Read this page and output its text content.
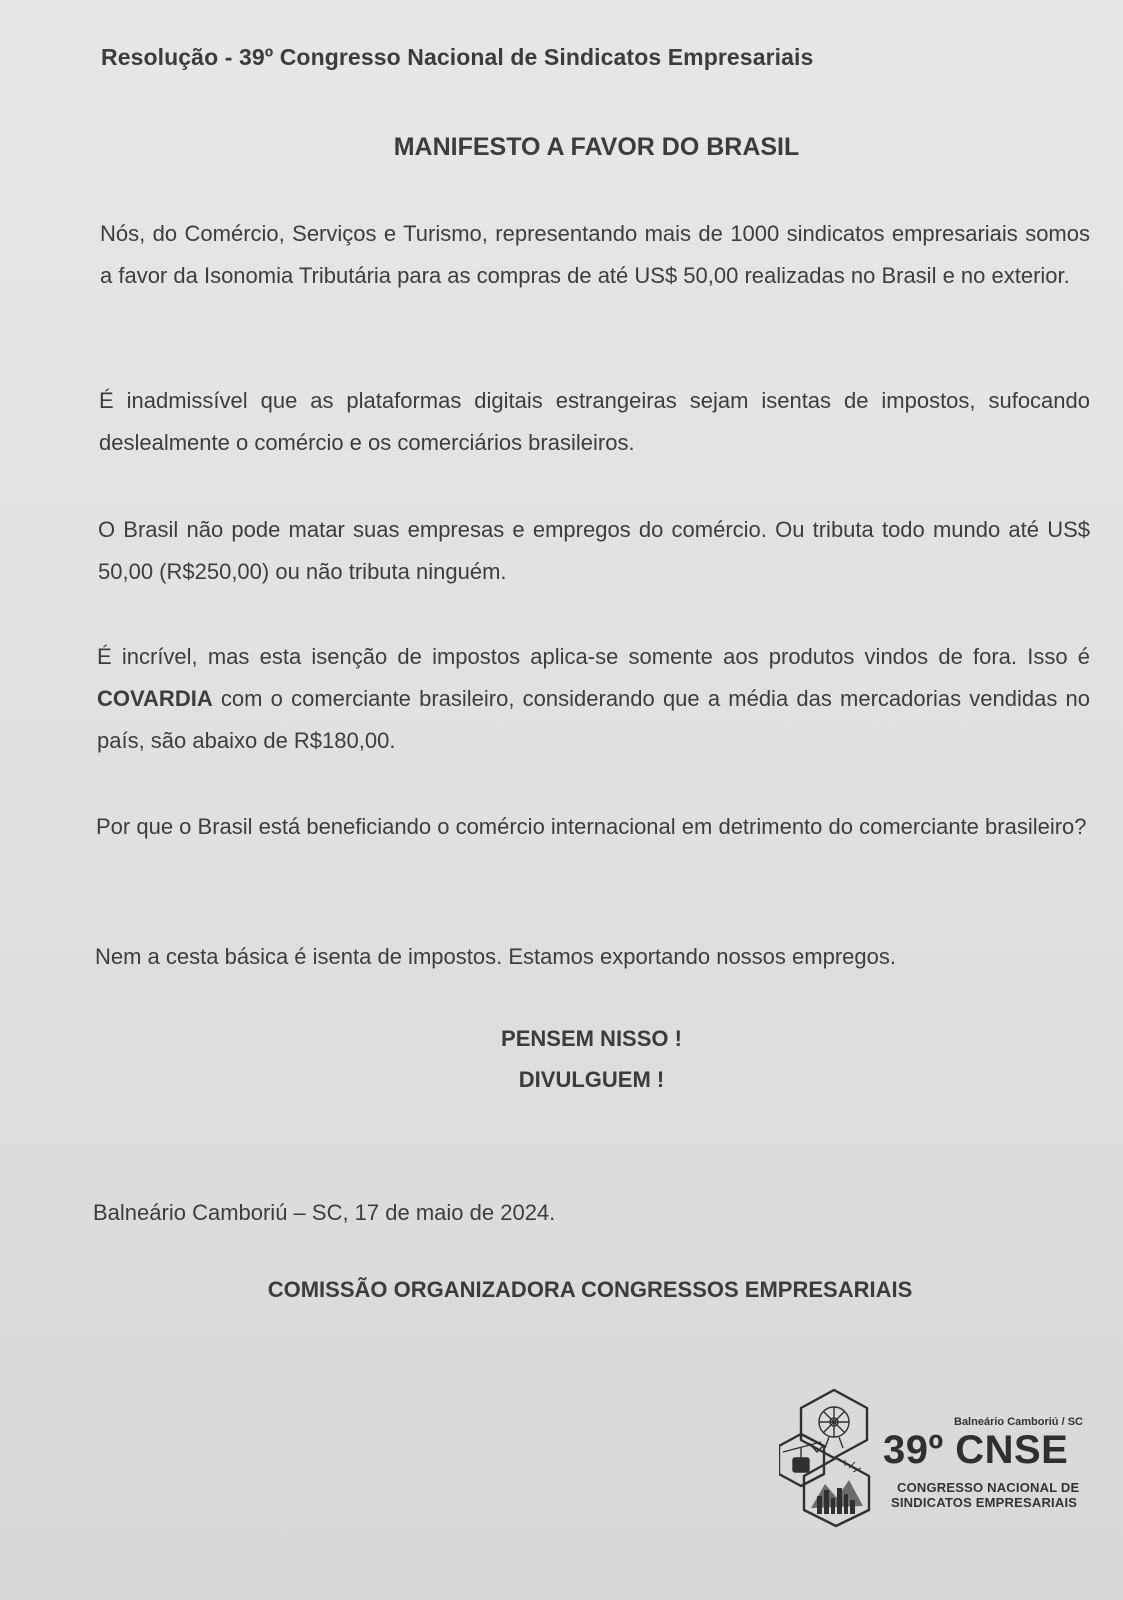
Resolução - 39º Congresso Nacional de Sindicatos Empresariais
MANIFESTO A FAVOR DO BRASIL
Nós, do Comércio, Serviços e Turismo, representando mais de 1000 sindicatos empresariais somos a favor da Isonomia Tributária para as compras de até US$ 50,00 realizadas no Brasil e no exterior.
É inadmissível que as plataformas digitais estrangeiras sejam isentas de impostos, sufocando deslealmente o comércio e os comerciários brasileiros.
O Brasil não pode matar suas empresas e empregos do comércio. Ou tributa todo mundo até US$ 50,00 (R$250,00) ou não tributa ninguém.
É incrível, mas esta isenção de impostos aplica-se somente aos produtos vindos de fora. Isso é COVARDIA com o comerciante brasileiro, considerando que a média das mercadorias vendidas no país, são abaixo de R$180,00.
Por que o Brasil está beneficiando o comércio internacional em detrimento do comerciante brasileiro?
Nem a cesta básica é isenta de impostos. Estamos exportando nossos empregos.
PENSEM NISSO !
DIVULGUEM !
Balneário Camboriú – SC, 17 de maio de 2024.
COMISSÃO ORGANIZADORA CONGRESSOS EMPRESARIAIS
Balneário Camboriú / SC
39º CNSE
CONGRESSO NACIONAL DE
SINDICATOS EMPRESARIAIS
